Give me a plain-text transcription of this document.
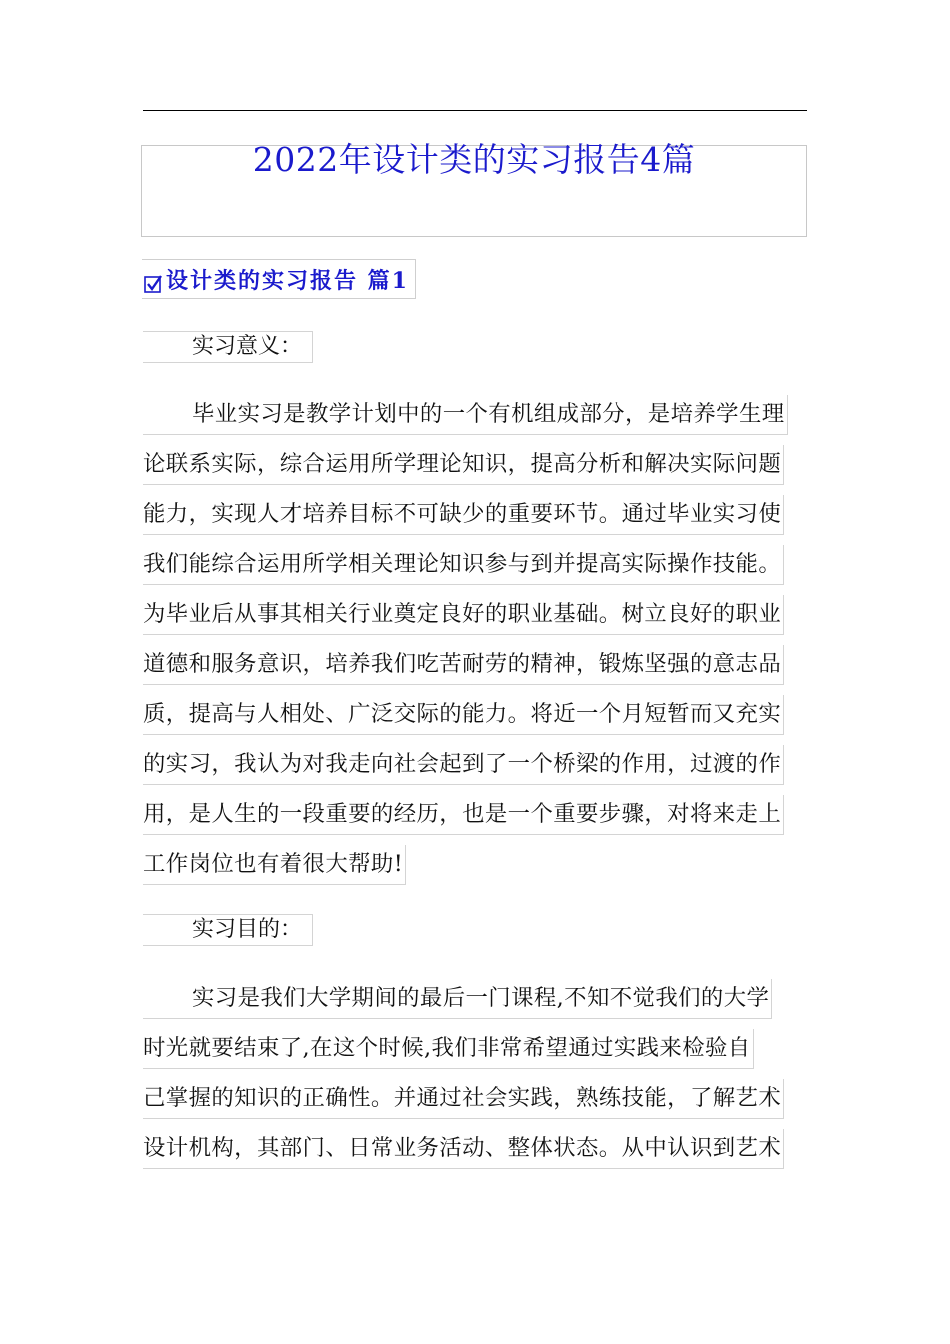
2022年设计类的实习报告4篇
设计类的实习报告 篇1
实习意义：
毕业实习是教学计划中的一个有机组成部分，是培养学生理
论联系实际，综合运用所学理论知识，提高分析和解决实际问题
能力，实现人才培养目标不可缺少的重要环节。通过毕业实习使
我们能综合运用所学相关理论知识参与到并提高实际操作技能。
为毕业后从事其相关行业奠定良好的职业基础。树立良好的职业
道德和服务意识，培养我们吃苦耐劳的精神，锻炼坚强的意志品
质，提高与人相处、广泛交际的能力。将近一个月短暂而又充实
的实习，我认为对我走向社会起到了一个桥梁的作用，过渡的作
用，是人生的一段重要的经历，也是一个重要步骤，对将来走上
工作岗位也有着很大帮助!
实习目的：
实习是我们大学期间的最后一门课程,不知不觉我们的大学
时光就要结束了,在这个时候,我们非常希望通过实践来检验自
己掌握的知识的正确性。并通过社会实践，熟练技能，了解艺术
设计机构，其部门、日常业务活动、整体状态。从中认识到艺术
